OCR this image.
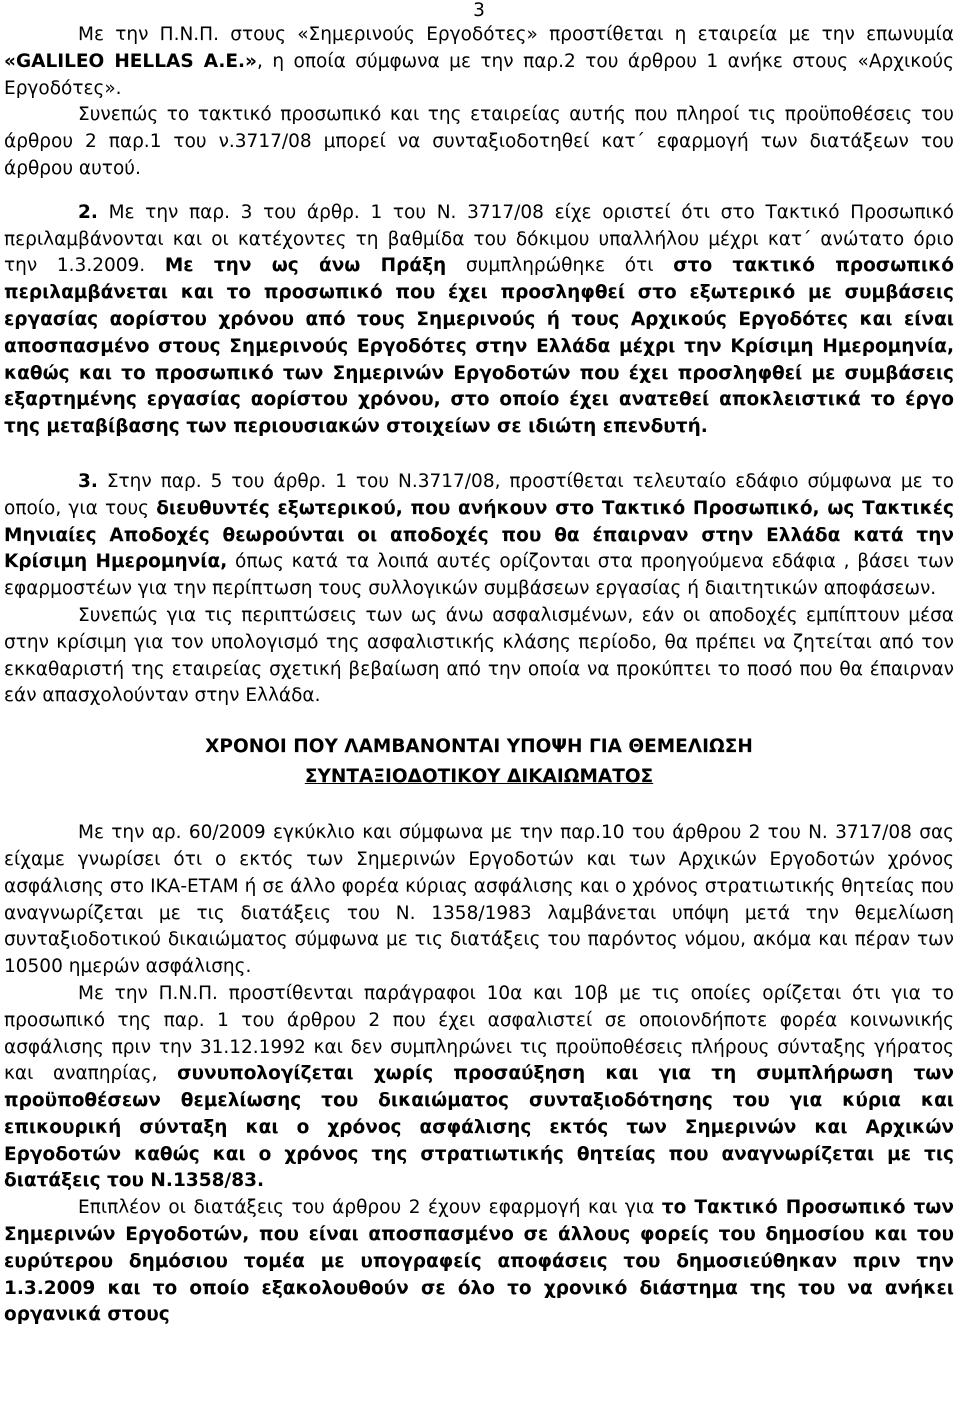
3

Με την Π.Ν.Π. στους «Σημερινούς Εργοδότες» προστίθεται η εταιρεία με την επωνυμία «GALILEO HELLAS A.E.», η οποία σύμφωνα με την παρ.2 του άρθρου 1 ανήκε στους «Αρχικούς Εργοδότες».

Συνεπώς το τακτικό προσωπικό και της εταιρείας αυτής που πληροί τις προϋποθέσεις του άρθρου 2 παρ.1 του ν.3717/08 μπορεί να συνταξιοδοτηθεί κατ΄ εφαρμογή των διατάξεων του άρθρου αυτού.

2. Με την παρ. 3 του άρθρ. 1 του Ν. 3717/08 είχε οριστεί ότι στο Τακτικό Προσωπικό περιλαμβάνονται και οι κατέχοντες τη βαθμίδα του δόκιμου υπαλλήλου μέχρι κατ΄ ανώτατο όριο την 1.3.2009. Με την ως άνω Πράξη συμπληρώθηκε ότι στο τακτικό προσωπικό περιλαμβάνεται και το προσωπικό που έχει προσληφθεί στο εξωτερικό με συμβάσεις εργασίας αορίστου χρόνου από τους Σημερινούς ή τους Αρχικούς Εργοδότες και είναι αποσπασμένο στους Σημερινούς Εργοδότες στην Ελλάδα μέχρι την Κρίσιμη Ημερομηνία, καθώς και το προσωπικό των Σημερινών Εργοδοτών που έχει προσληφθεί με συμβάσεις εξαρτημένης εργασίας αορίστου χρόνου, στο οποίο έχει ανατεθεί αποκλειστικά το έργο της μεταβίβασης των περιουσιακών στοιχείων σε ιδιώτη επενδυτή.

3. Στην παρ. 5 του άρθρ. 1 του Ν.3717/08, προστίθεται τελευταίο εδάφιο σύμφωνα με το οποίο, για τους διευθυντές εξωτερικού, που ανήκουν στο Τακτικό Προσωπικό, ως Τακτικές Μηνιαίες Αποδοχές θεωρούνται οι αποδοχές που θα έπαιρναν στην Ελλάδα κατά την Κρίσιμη Ημερομηνία, όπως κατά τα λοιπά αυτές ορίζονται στα προηγούμενα εδάφια , βάσει των εφαρμοστέων για την περίπτωση τους συλλογικών συμβάσεων εργασίας ή διαιτητικών αποφάσεων.

Συνεπώς για τις περιπτώσεις των ως άνω ασφαλισμένων, εάν οι αποδοχές εμπίπτουν μέσα στην κρίσιμη για τον υπολογισμό της ασφαλιστικής κλάσης περίοδο, θα πρέπει να ζητείται από τον εκκαθαριστή της εταιρείας σχετική βεβαίωση από την οποία να προκύπτει το ποσό που θα έπαιρναν εάν απασχολούνταν στην Ελλάδα.

ΧΡΟΝΟΙ ΠΟΥ ΛΑΜΒΑΝΟΝΤΑΙ ΥΠΟΨΗ ΓΙΑ ΘΕΜΕΛΙΩΣΗ
ΣΥΝΤΑΞΙΟΔΟΤΙΚΟΥ ΔΙΚΑΙΩΜΑΤΟΣ

Με την αρ. 60/2009 εγκύκλιο και σύμφωνα με την παρ.10 του άρθρου 2 του Ν. 3717/08 σας είχαμε γνωρίσει ότι ο εκτός των Σημερινών Εργοδοτών και των Αρχικών Εργοδοτών χρόνος ασφάλισης στο ΙΚΑ-ΕΤΑΜ ή σε άλλο φορέα κύριας ασφάλισης και ο χρόνος στρατιωτικής θητείας που αναγνωρίζεται με τις διατάξεις του Ν. 1358/1983 λαμβάνεται υπόψη μετά την θεμελίωση συνταξιοδοτικού δικαιώματος σύμφωνα με τις διατάξεις του παρόντος νόμου, ακόμα και πέραν των 10500 ημερών ασφάλισης.

Με την Π.Ν.Π. προστίθενται παράγραφοι 10α και 10β με τις οποίες ορίζεται ότι για το προσωπικό της παρ. 1 του άρθρου 2 που έχει ασφαλιστεί σε οποιονδήποτε φορέα κοινωνικής ασφάλισης πριν την 31.12.1992 και δεν συμπληρώνει τις προϋποθέσεις πλήρους σύνταξης γήρατος και αναπηρίας, συνυπολογίζεται χωρίς προσαύξηση και για τη συμπλήρωση των προϋποθέσεων θεμελίωσης του δικαιώματος συνταξιοδότησης του για κύρια και επικουρική σύνταξη και ο χρόνος ασφάλισης εκτός των Σημερινών και Αρχικών Εργοδοτών καθώς και ο χρόνος της στρατιωτικής θητείας που αναγνωρίζεται με τις διατάξεις του Ν.1358/83.

Επιπλέον οι διατάξεις του άρθρου 2 έχουν εφαρμογή και για το Τακτικό Προσωπικό των Σημερινών Εργοδοτών, που είναι αποσπασμένο σε άλλους φορείς του δημοσίου και του ευρύτερου δημόσιου τομέα με υπογραφείς αποφάσεις του δημοσιεύθηκαν πριν την 1.3.2009 και το οποίο εξακολουθούν σε όλο το χρονικό διάστημα της του να ανήκει οργανικά στους
